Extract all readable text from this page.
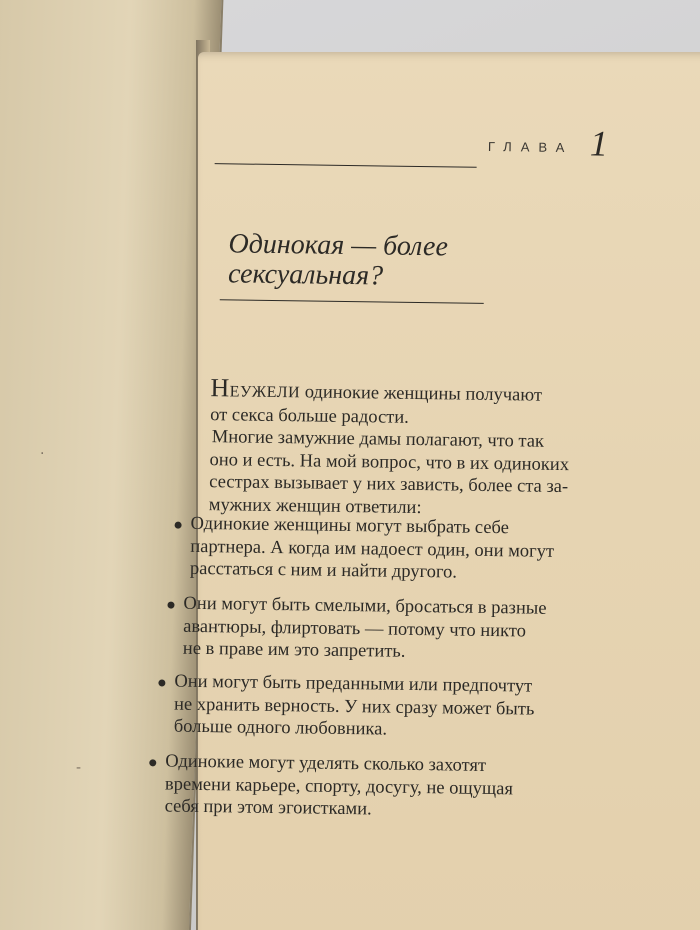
·
-
ГЛАВА 1
Одинокая — более
сексуальная?
НЕУЖЕЛИ одинокие женщины получают
от секса больше радости.
Многие замужние дамы полагают, что так
оно и есть. На мой вопрос, что в их одиноких
сестрах вызывает у них зависть, более ста за-
мужних женщин ответили:
Одинокие женщины могут выбрать себе
партнера. А когда им надоест один, они могут
расстаться с ним и найти другого.
Они могут быть смелыми, бросаться в разные
авантюры, флиртовать — потому что никто
не в праве им это запретить.
Они могут быть преданными или предпочтут
не хранить верность. У них сразу может быть
больше одного любовника.
Одинокие могут уделять сколько захотят
времени карьере, спорту, досугу, не ощущая
себя при этом эгоистками.
